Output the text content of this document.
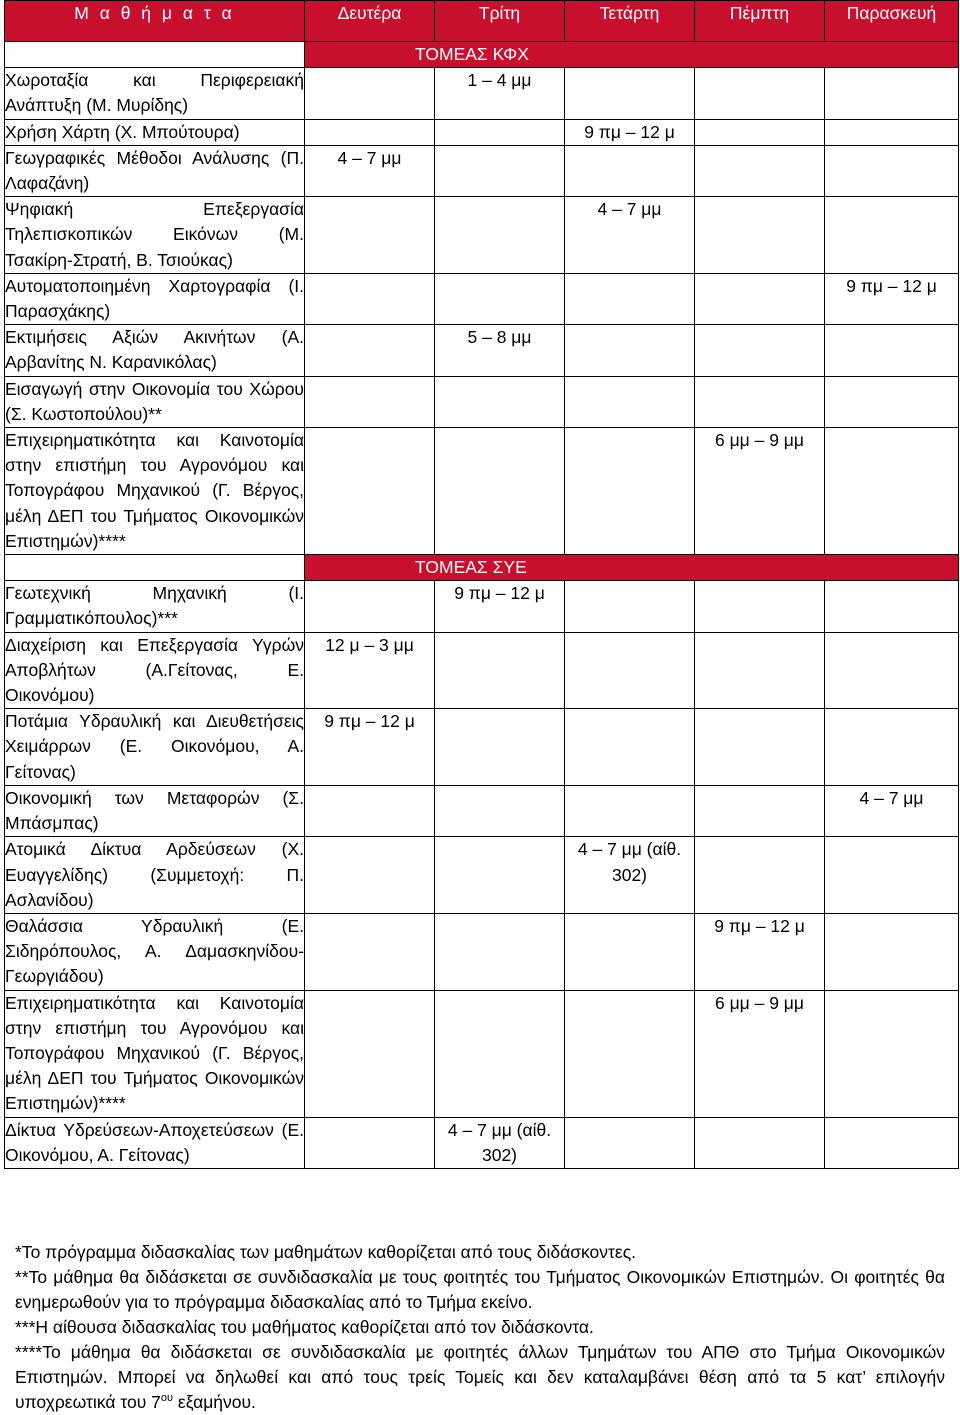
Μ α θ ή μ α τ α	Δευτέρα	Τρίτη	Τετάρτη	Πέμπτη	Παρασκευή
	ΤΟΜΕΑΣ ΚΦΧ				

Χωροταξία και Περιφερειακή Ανάπτυξη (Μ. Μυρίδης)		1 – 4 μμ			

Χρήση Χάρτη (Χ. Μπούτουρα)			9 πμ – 12 μ		

Γεωγραφικές Μέθοδοι Ανάλυσης (Π. Λαφαζάνη)	4 – 7 μμ				

Ψηφιακή Επεξεργασία Τηλεπισκοπικών Εικόνων (Μ. Τσακίρη-Στρατή, Β. Τσιούκας)			4 – 7 μμ		

Αυτοματοποιημένη Χαρτογραφία (Ι. Παρασχάκης)					9 πμ – 12 μ

Εκτιμήσεις Αξιών Ακινήτων (Α. Αρβανίτης Ν. Καρανικόλας)		5 – 8 μμ			

Εισαγωγή στην Οικονομία του Χώρου (Σ. Κωστοπούλου)**					

Επιχειρηματικότητα και Καινοτομία στην επιστήμη του Αγρονόμου και Τοπογράφου Μηχανικού (Γ. Βέργος, μέλη ΔΕΠ του Τμήματος Οικονομικών Επιστημών)****				6 μμ – 9 μμ	
	ΤΟΜΕΑΣ ΣΥΕ				

Γεωτεχνική Μηχανική (Ι. Γραμματικόπουλος)***		9 πμ – 12 μ			

Διαχείριση και Επεξεργασία Υγρών Αποβλήτων (Α.Γείτονας, Ε. Οικονόμου)	12 μ – 3 μμ				

Ποτάμια Υδραυλική και Διευθετήσεις Χειμάρρων (Ε. Οικονόμου, Α. Γείτονας)	9 πμ – 12 μ				

Οικονομική των Μεταφορών (Σ. Μπάσμπας)					4 – 7 μμ

Ατομικά Δίκτυα Αρδεύσεων (Χ. Ευαγγελίδης) (Συμμετοχή: Π. Ασλανίδου)			4 – 7 μμ (αίθ. 302)		

Θαλάσσια Υδραυλική (Ε. Σιδηρόπουλος, Α. Δαμασκηνίδου-Γεωργιάδου)				9 πμ – 12 μ	

Επιχειρηματικότητα και Καινοτομία στην επιστήμη του Αγρονόμου και Τοπογράφου Μηχανικού (Γ. Βέργος, μέλη ΔΕΠ του Τμήματος Οικονομικών Επιστημών)****				6 μμ – 9 μμ	

Δίκτυα Υδρεύσεων-Αποχετεύσεων (Ε. Οικονόμου, Α. Γείτονας)		4 – 7 μμ (αίθ. 302)			

*Το πρόγραμμα διδασκαλίας των μαθημάτων καθορίζεται από τους διδάσκοντες.

**Το μάθημα θα διδάσκεται σε συνδιδασκαλία με τους φοιτητές του Τμήματος Οικονομικών Επιστημών. Οι φοιτητές θα ενημερωθούν για το πρόγραμμα διδασκαλίας από το Τμήμα εκείνο.

***Η αίθουσα διδασκαλίας του μαθήματος καθορίζεται από τον διδάσκοντα.

****Το μάθημα θα διδάσκεται σε συνδιδασκαλία με φοιτητές άλλων Τμημάτων του ΑΠΘ στο Τμήμα Οικονομικών Επιστημών. Μπορεί να δηλωθεί και από τους τρείς Τομείς και δεν καταλαμβάνει θέση από τα 5 κατ’ επιλογήν υποχρεωτικά του $7^{o\upsilon}$ εξαμήνου.
